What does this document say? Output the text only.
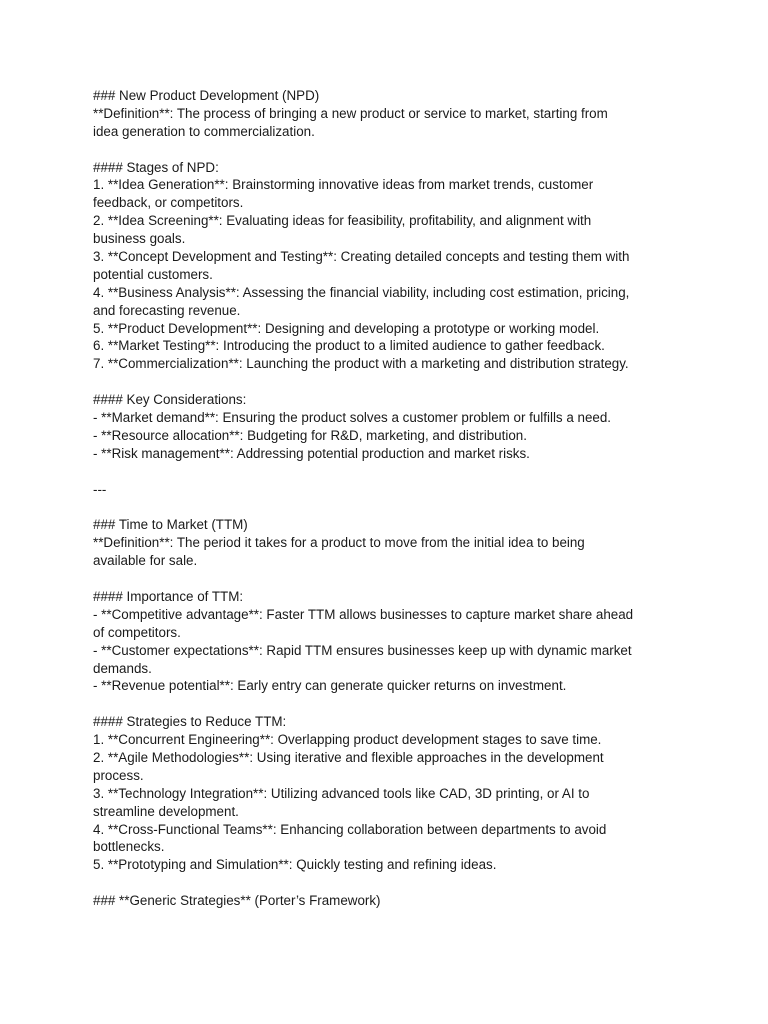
### New Product Development (NPD)
**Definition**: The process of bringing a new product or service to market, starting from
idea generation to commercialization.
#### Stages of NPD:
1. **Idea Generation**: Brainstorming innovative ideas from market trends, customer
feedback, or competitors.
2. **Idea Screening**: Evaluating ideas for feasibility, profitability, and alignment with
business goals.
3. **Concept Development and Testing**: Creating detailed concepts and testing them with
potential customers.
4. **Business Analysis**: Assessing the financial viability, including cost estimation, pricing,
and forecasting revenue.
5. **Product Development**: Designing and developing a prototype or working model.
6. **Market Testing**: Introducing the product to a limited audience to gather feedback.
7. **Commercialization**: Launching the product with a marketing and distribution strategy.
#### Key Considerations:
- **Market demand**: Ensuring the product solves a customer problem or fulfills a need.
- **Resource allocation**: Budgeting for R&D, marketing, and distribution.
- **Risk management**: Addressing potential production and market risks.
---
### Time to Market (TTM)
**Definition**: The period it takes for a product to move from the initial idea to being
available for sale.
#### Importance of TTM:
- **Competitive advantage**: Faster TTM allows businesses to capture market share ahead
of competitors.
- **Customer expectations**: Rapid TTM ensures businesses keep up with dynamic market
demands.
- **Revenue potential**: Early entry can generate quicker returns on investment.
#### Strategies to Reduce TTM:
1. **Concurrent Engineering**: Overlapping product development stages to save time.
2. **Agile Methodologies**: Using iterative and flexible approaches in the development
process.
3. **Technology Integration**: Utilizing advanced tools like CAD, 3D printing, or AI to
streamline development.
4. **Cross-Functional Teams**: Enhancing collaboration between departments to avoid
bottlenecks.
5. **Prototyping and Simulation**: Quickly testing and refining ideas.
### **Generic Strategies** (Porter’s Framework)
